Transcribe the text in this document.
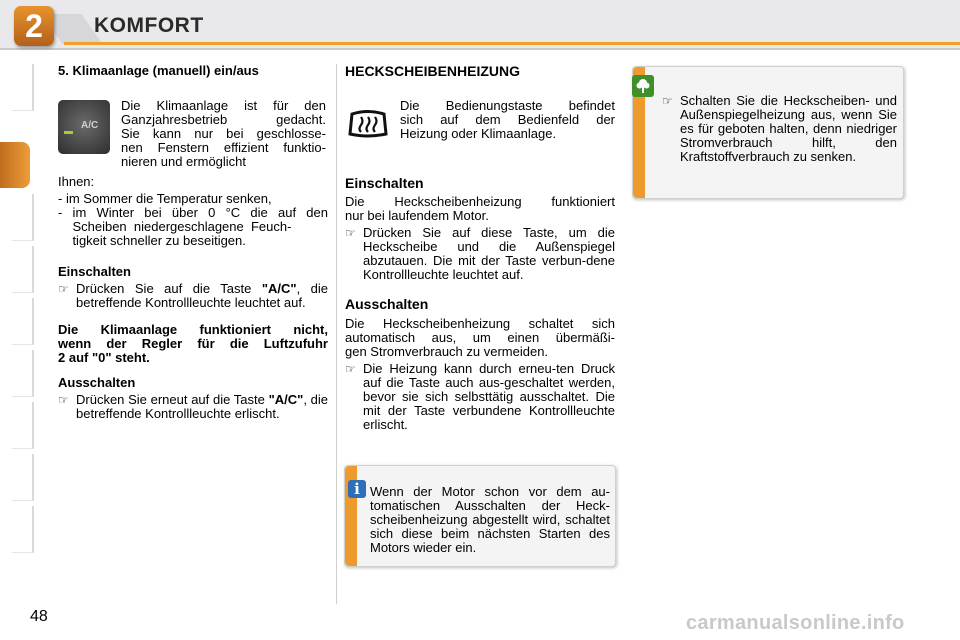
2	KOMFORT
5. Klimaanlage (manuell) ein/aus
A/C
Die Klimaanlage ist für den
Ganzjahresbetrieb gedacht.
Sie kann nur bei geschlosse-
nen Fenstern effizient funktio-
nieren und ermöglicht
Ihnen:
- im Sommer die Temperatur senken,
- im Winter bei über 0 °C die auf den
Scheiben  niedergeschlagene  Feuch-
tigkeit schneller zu beseitigen.
Einschalten
☞ Drücken Sie auf die Taste "A/C", die betreffende Kontrollleuchte leuchtet auf.
Die Klimaanlage funktioniert nicht,
wenn der Regler für die Luftzufuhr
2 auf "0" steht.
Ausschalten
☞ Drücken Sie erneut auf die Taste "A/C", die betreffende Kontrollleuchte erlischt.
HECKSCHEIBENHEIZUNG
Die Bedienungstaste befindet
sich auf dem Bedienfeld der
Heizung oder Klimaanlage.
Einschalten
Die Heckscheibenheizung funktioniert
nur bei laufendem Motor.
☞ Drücken Sie auf diese Taste, um die Heckscheibe und die Außenspiegel abzutauen. Die mit der Taste verbun-dene Kontrollleuchte leuchtet auf.
Ausschalten
Die Heckscheibenheizung schaltet sich
automatisch aus, um einen übermäßi-
gen Stromverbrauch zu vermeiden.
☞ Die Heizung kann durch erneu-ten Druck auf die Taste auch aus-geschaltet werden, bevor sie sich selbsttätig ausschaltet. Die mit der Taste verbundene Kontrollleuchte erlischt.
i Wenn der Motor schon vor dem au-tomatischen Ausschalten der Heck-scheibenheizung abgestellt wird, schaltet sich diese beim nächsten Starten des Motors wieder ein.
☞ Schalten Sie die Heckscheiben- und Außenspiegelheizung aus, wenn Sie es für geboten halten, denn niedriger Stromverbrauch hilft, den Kraftstoffverbrauch zu senken.
48	carmanualsonline.info
